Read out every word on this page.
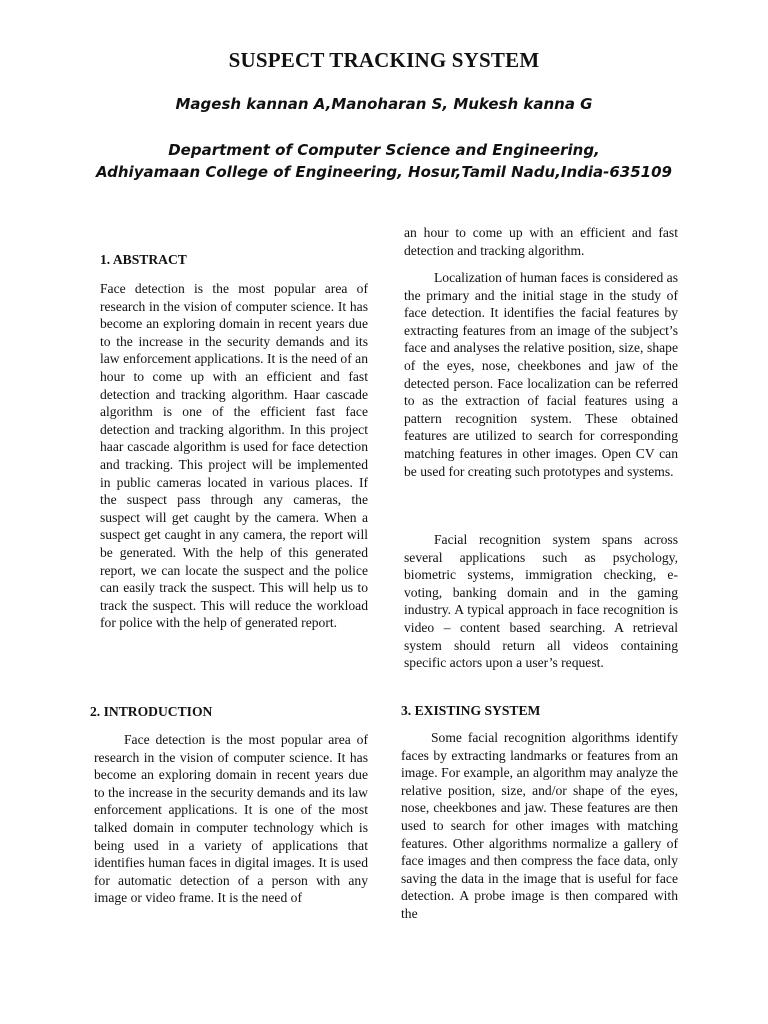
SUSPECT TRACKING SYSTEM
Magesh kannan A,Manoharan S, Mukesh kanna G
Department of Computer Science and Engineering,
Adhiyamaan College of Engineering, Hosur,Tamil Nadu,India-635109
1. ABSTRACT

Face detection is the most popular area of research in the vision of computer science. It has become an exploring domain in recent years due to the increase in the security demands and its law enforcement applications. It is the need of an hour to come up with an efficient and fast detection and tracking algorithm. Haar cascade algorithm is one of the efficient fast face detection and tracking algorithm. In this project haar cascade algorithm is used for face detection and tracking. This project will be implemented in public cameras located in various places. If the suspect pass through any cameras, the suspect will get caught by the camera. When a suspect get caught in any camera, the report will be generated. With the help of this generated report, we can locate the suspect and the police can easily track the suspect. This will help us to track the suspect. This will reduce the workload for police with the help of generated report.

2. INTRODUCTION

Face detection is the most popular area of research in the vision of computer science. It has become an exploring domain in recent years due to the increase in the security demands and its law enforcement applications. It is one of the most talked domain in computer technology which is being used in a variety of applications that identifies human faces in digital images. It is used for automatic detection of a person with any image or video frame. It is the need of

an hour to come up with an efficient and fast detection and tracking algorithm.

Localization of human faces is considered as the primary and the initial stage in the study of face detection. It identifies the facial features by extracting features from an image of the subject’s face and analyses the relative position, size, shape of the eyes, nose, cheekbones and jaw of the detected person. Face localization can be referred to as the extraction of facial features using a pattern recognition system. These obtained features are utilized to search for corresponding matching features in other images. Open CV can be used for creating such prototypes and systems.

Facial recognition system spans across several applications such as psychology, biometric systems, immigration checking, e-voting, banking domain and in the gaming industry. A typical approach in face recognition is video – content based searching. A retrieval system should return all videos containing specific actors upon a user’s request.

3. EXISTING SYSTEM

Some facial recognition algorithms identify faces by extracting landmarks or features from an image. For example, an algorithm may analyze the relative position, size, and/or shape of the eyes, nose, cheekbones and jaw. These features are then used to search for other images with matching features. Other algorithms normalize a gallery of face images and then compress the face data, only saving the data in the image that is useful for face detection. A probe image is then compared with the
